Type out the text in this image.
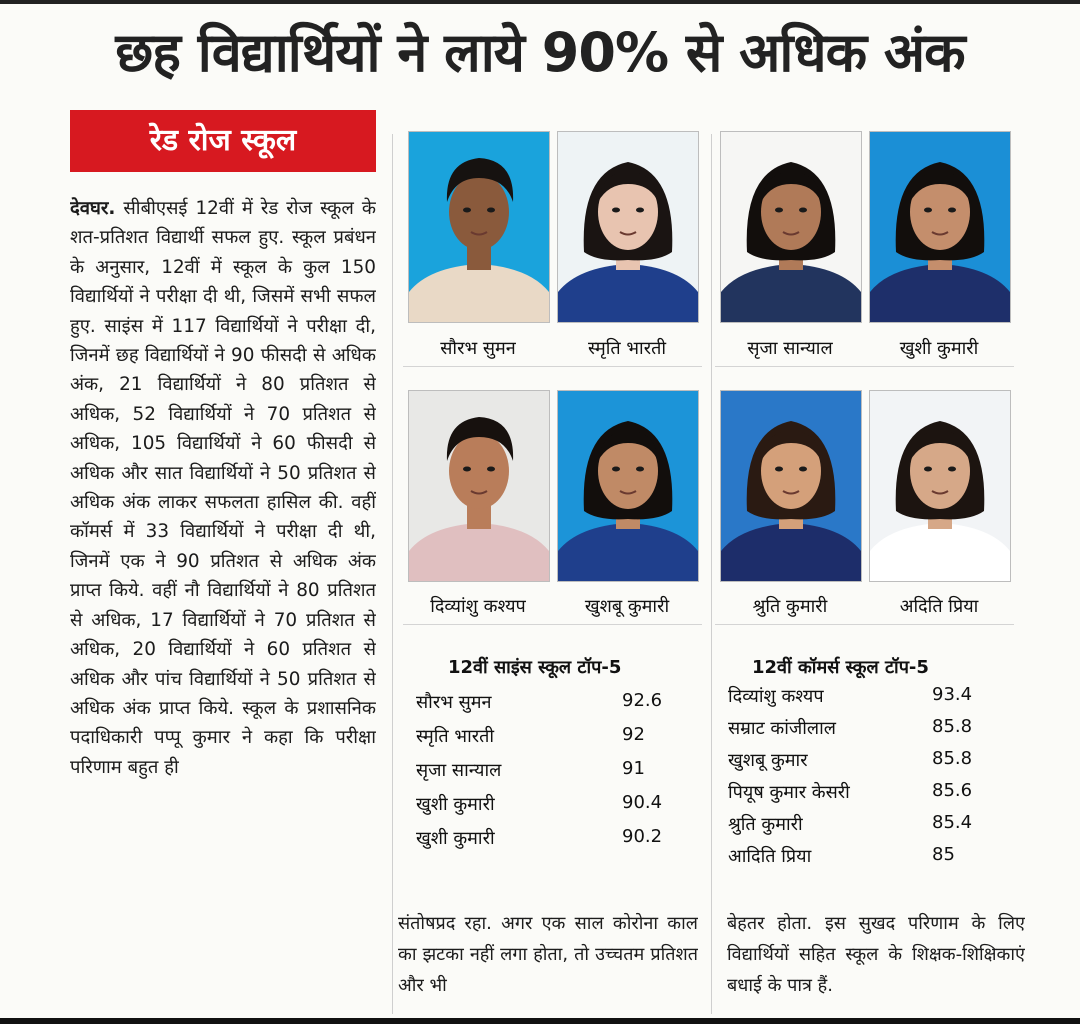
छह विद्यार्थियों ने लाये 90% से अधिक अंक
रेड रोज स्कूल
देवघर. सीबीएसई 12वीं में रेड रोज स्कूल के शत-प्रतिशत विद्यार्थी सफल हुए. स्कूल प्रबंधन के अनुसार, 12वीं में स्कूल के कुल 150 विद्यार्थियों ने परीक्षा दी थी, जिसमें सभी सफल हुए. साइंस में 117 विद्यार्थियों ने परीक्षा दी, जिनमें छह विद्यार्थियों ने 90 फीसदी से अधिक अंक, 21 विद्यार्थियों ने 80 प्रतिशत से अधिक, 52 विद्यार्थियों ने 70 प्रतिशत से अधिक, 105 विद्यार्थियों ने 60 फीसदी से अधिक और सात विद्यार्थियों ने 50 प्रतिशत से अधिक अंक लाकर सफलता हासिल की. वहीं कॉमर्स में 33 विद्यार्थियों ने परीक्षा दी थी, जिनमें एक ने 90 प्रतिशत से अधिक अंक प्राप्त किये. वहीं नौ विद्यार्थियों ने 80 प्रतिशत से अधिक, 17 विद्यार्थियों ने 70 प्रतिशत से अधिक, 20 विद्यार्थियों ने 60 प्रतिशत से अधिक और पांच विद्यार्थियों ने 50 प्रतिशत से अधिक अंक प्राप्त किये. स्कूल के प्रशासनिक पदाधिकारी पप्पू कुमार ने कहा कि परीक्षा परिणाम बहुत ही
सौरभ सुमन	स्मृति भारती	सृजा सान्याल	खुशी कुमारी
दिव्यांशु कश्यप	खुशबू कुमारी	श्रुति कुमारी	अदिति प्रिया
12वीं साइंस स्कूल टॉप-5
सौरभ सुमन	92.6
स्मृति भारती	92
सृजा सान्याल	91
खुशी कुमारी	90.4
खुशी कुमारी	90.2
12वीं कॉमर्स स्कूल टॉप-5
दिव्यांशु कश्यप	93.4
सम्राट कांजीलाल	85.8
खुशबू कुमार	85.8
पियूष कुमार केसरी	85.6
श्रुति कुमारी	85.4
आदिति प्रिया	85
संतोषप्रद रहा. अगर एक साल कोरोना काल का झटका नहीं लगा होता, तो उच्चतम प्रतिशत और भी
बेहतर होता. इस सुखद परिणाम के लिए विद्यार्थियों सहित स्कूल के शिक्षक-शिक्षिकाएं बधाई के पात्र हैं.
